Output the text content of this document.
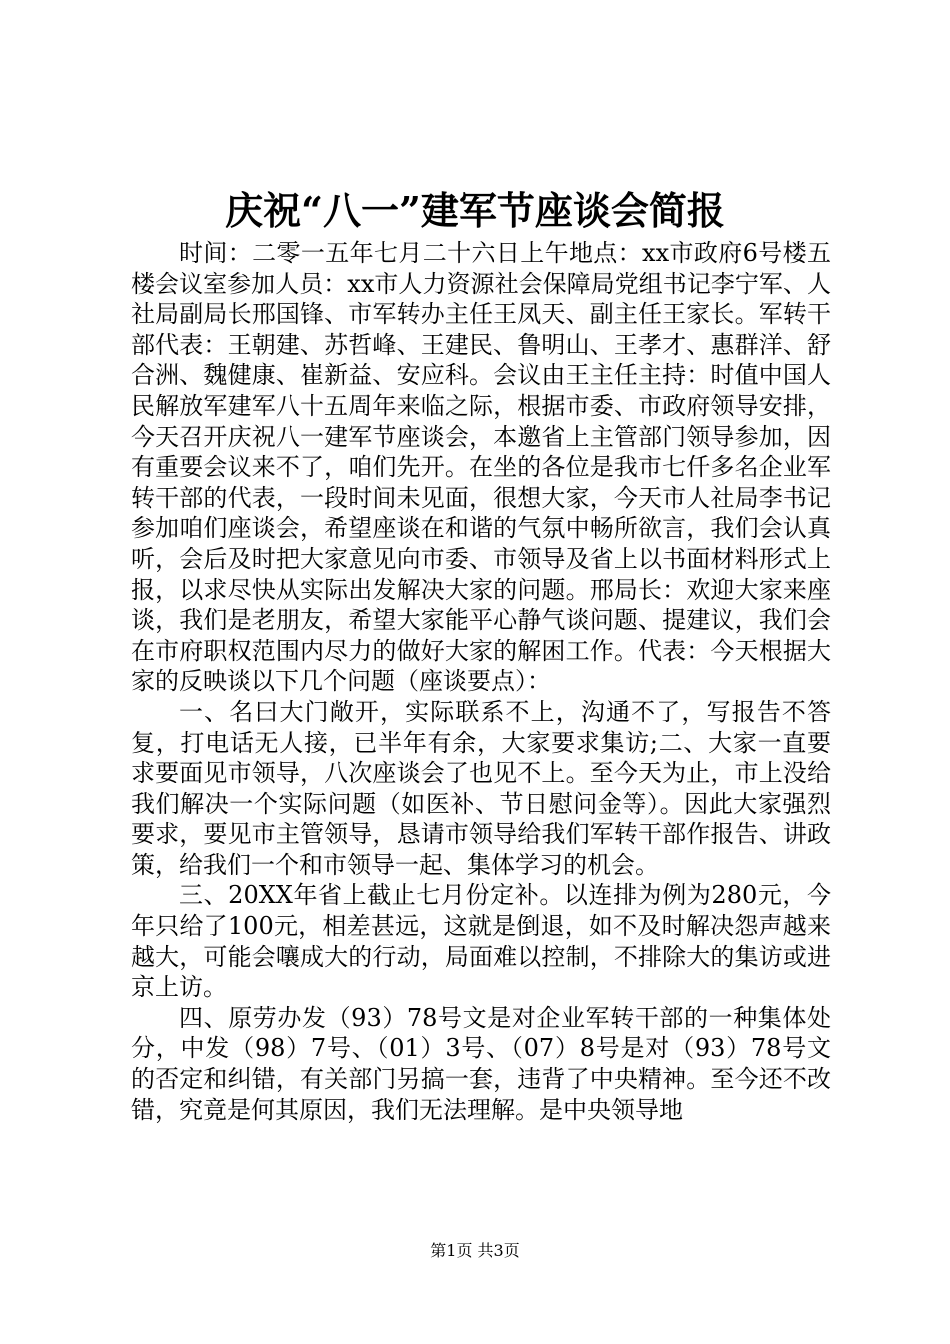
庆祝“八一”建军节座谈会简报

时间：二零一五年七月二十六日上午地点：xx市政府6号楼五楼会议室参加人员：xx市人力资源社会保障局党组书记李宁军、人社局副局长邢国锋、市军转办主任王凤天、副主任王家长。军转干部代表：王朝建、苏哲峰、王建民、鲁明山、王孝才、惠群洋、舒合洲、魏健康、崔新益、安应科。会议由王主任主持：时值中国人民解放军建军八十五周年来临之际，根据市委、市政府领导安排，今天召开庆祝八一建军节座谈会，本邀省上主管部门领导参加，因有重要会议来不了，咱们先开。在坐的各位是我市七仟多名企业军转干部的代表，一段时间未见面，很想大家，今天市人社局李书记参加咱们座谈会，希望座谈在和谐的气氛中畅所欲言，我们会认真听，会后及时把大家意见向市委、市领导及省上以书面材料形式上报，以求尽快从实际出发解决大家的问题。邢局长：欢迎大家来座谈，我们是老朋友，希望大家能平心静气谈问题、提建议，我们会在市府职权范围内尽力的做好大家的解困工作。代表：今天根据大家的反映谈以下几个问题（座谈要点）：

一、名曰大门敞开，实际联系不上，沟通不了，写报告不答复，打电话无人接，已半年有余，大家要求集访;二、大家一直要求要面见市领导，八次座谈会了也见不上。至今天为止，市上没给我们解决一个实际问题（如医补、节日慰问金等）。因此大家强烈要求，要见市主管领导，恳请市领导给我们军转干部作报告、讲政策，给我们一个和市领导一起、集体学习的机会。

三、20XX年省上截止七月份定补。以连排为例为280元，今年只给了100元，相差甚远，这就是倒退，如不及时解决怨声越来越大，可能会嚷成大的行动，局面难以控制，不排除大的集访或进京上访。

四、原劳办发（93）78号文是对企业军转干部的一种集体处分，中发（98）7号、（01）3号、（07）8号是对（93）78号文的否定和纠错，有关部门另搞一套，违背了中央精神。至今还不改错，究竟是何其原因，我们无法理解。是中央领导地

第1页 共3页
